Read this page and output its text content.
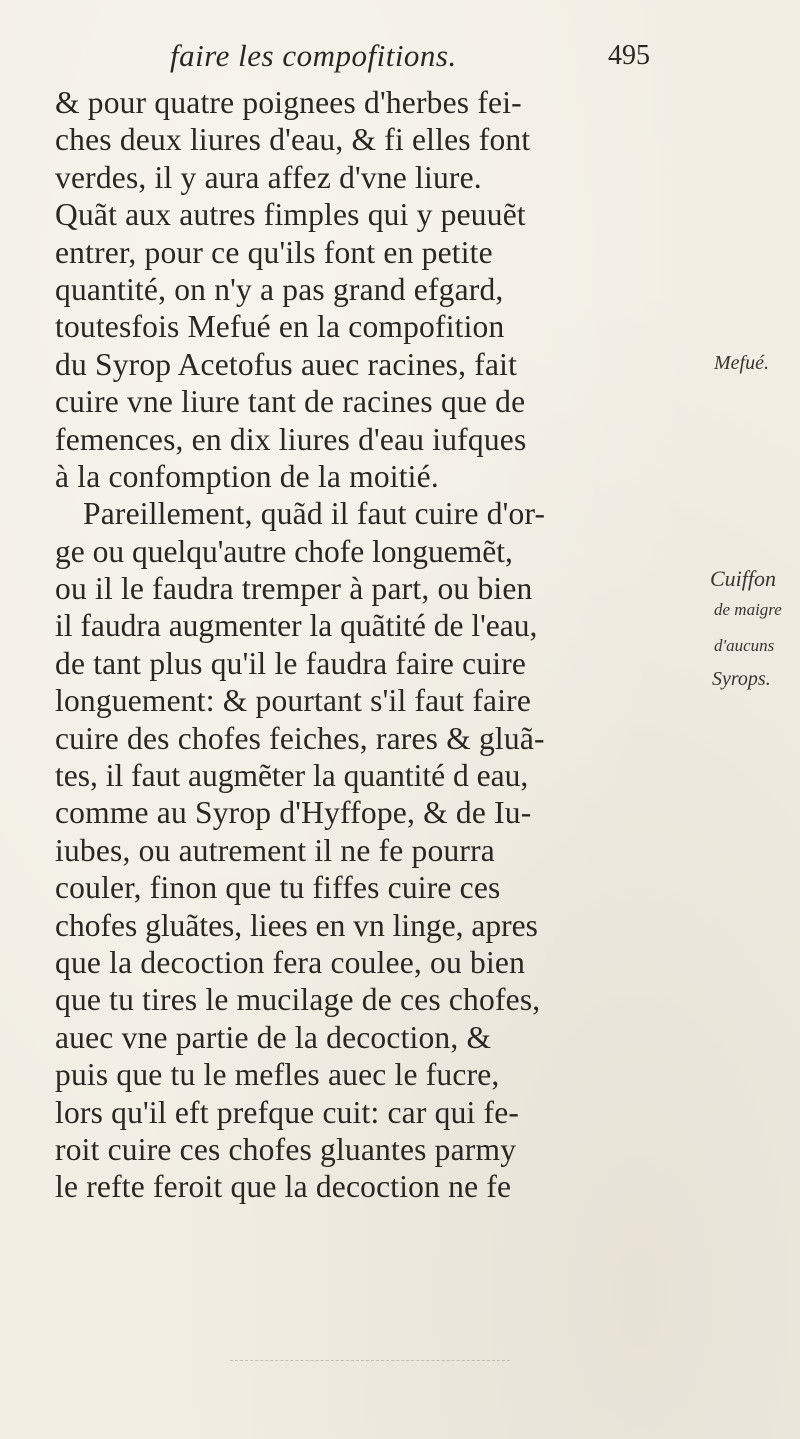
faire les compofitions.	495
& pour quatre poignees d'herbes fei-
ches deux liures d'eau, & fi elles font
verdes, il y aura affez d'vne liure.
Quãt aux autres fimples qui y peuuẽt
entrer, pour ce qu'ils font en petite
quantité, on n'y a pas grand efgard,
toutesfois Mefué en la compofition
du Syrop Acetofus auec racines, fait
cuire vne liure tant de racines que de
femences, en dix liures d'eau iufques
à la confomption de la moitié.
Pareillement, quãd il faut cuire d'or-
ge ou quelqu'autre chofe longuemẽt,
ou il le faudra tremper à part, ou bien
il faudra augmenter la quãtité de l'eau,
de tant plus qu'il le faudra faire cuire
longuement: & pourtant s'il faut faire
cuire des chofes feiches, rares & gluã-
tes, il faut augmẽter la quantité d eau,
comme au Syrop d'Hyffope, & de Iu-
iubes, ou autrement il ne fe pourra
couler, finon que tu fiffes cuire ces
chofes gluãtes, liees en vn linge, apres
que la decoction fera coulee, ou bien
que tu tires le mucilage de ces chofes,
auec vne partie de la decoction, &
puis que tu le mefles auec le fucre,
lors qu'il eft prefque cuit: car qui fe-
roit cuire ces chofes gluantes parmy
le refte feroit que la decoction ne fe
Mefué.
Cuiffon
de maigre
d'aucuns
Syrops.
